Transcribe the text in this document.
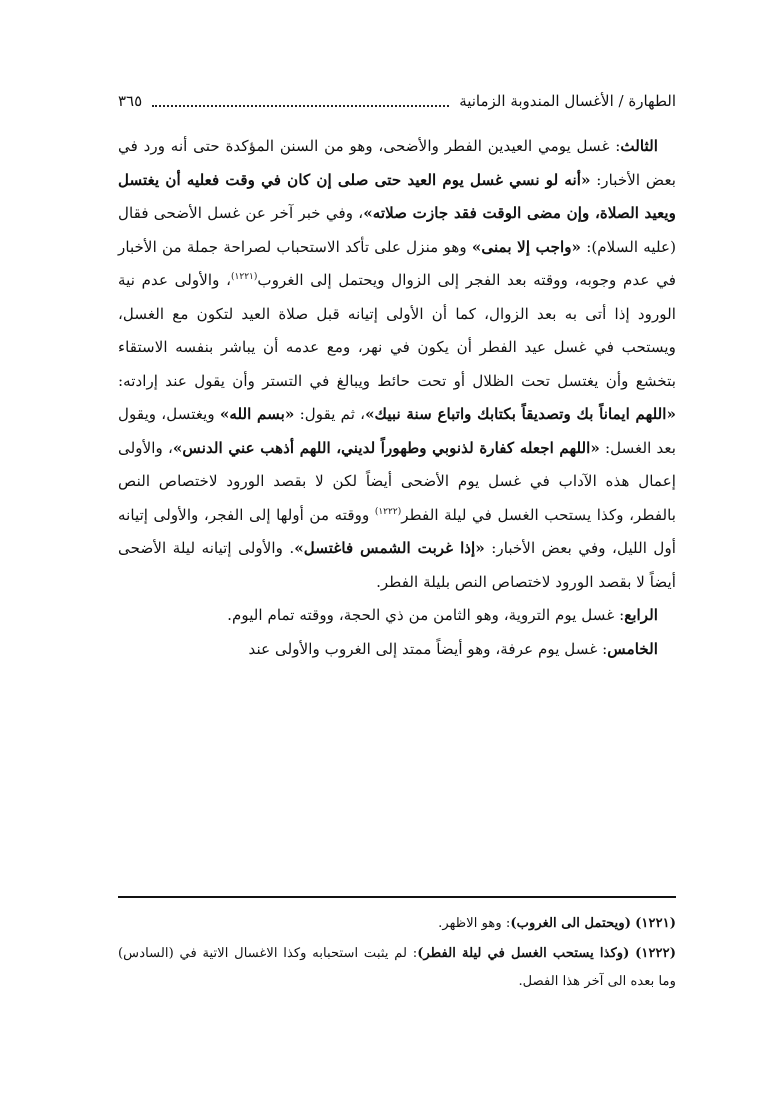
الطهارة / الأغسال المندوبة الزمانية
٣٦٥

الثالث: غسل يومي العيدين الفطر والأضحى، وهو من السنن المؤكدة حتى أنه ورد في بعض الأخبار: «أنه لو نسي غسل يوم العيد حتى صلى إن كان في وقت فعليه أن يغتسل ويعيد الصلاة، وإن مضى الوقت فقد جازت صلاته»، وفي خبر آخر عن غسل الأضحى فقال (عليه السلام): «واجب إلا بمنى» وهو منزل على تأكد الاستحباب لصراحة جملة من الأخبار في عدم وجوبه، ووقته بعد الفجر إلى الزوال ويحتمل إلى الغروب$^{(١٢٢١)}$، والأولى عدم نية الورود إذا أتى به بعد الزوال، كما أن الأولى إتيانه قبل صلاة العيد لتكون مع الغسل، ويستحب في غسل عيد الفطر أن يكون في نهر، ومع عدمه أن يباشر بنفسه الاستقاء بتخشع وأن يغتسل تحت الظلال أو تحت حائط ويبالغ في التستر وأن يقول عند إرادته: «اللهم ايماناً بك وتصديقاً بكتابك واتباع سنة نبيك»، ثم يقول: «بسم الله» ويغتسل، ويقول بعد الغسل: «اللهم اجعله كفارة لذنوبي وطهوراً لديني، اللهم أذهب عني الدنس»، والأولى إعمال هذه الآداب في غسل يوم الأضحى أيضاً لكن لا بقصد الورود لاختصاص النص بالفطر، وكذا يستحب الغسل في ليلة الفطر$^{(١٢٢٢)}$ ووقته من أولها إلى الفجر، والأولى إتيانه أول الليل، وفي بعض الأخبار: «إذا غربت الشمس فاغتسل». والأولى إتيانه ليلة الأضحى أيضاً لا بقصد الورود لاختصاص النص بليلة الفطر.

الرابع: غسل يوم التروية، وهو الثامن من ذي الحجة، ووقته تمام اليوم.

الخامس: غسل يوم عرفة، وهو أيضاً ممتد إلى الغروب والأولى عند

(١٢٢١) (ويحتمل الى الغروب): وهو الاظهر.

(١٢٢٢) (وكذا يستحب الغسل في ليلة الفطر): لم يثبت استحبابه وكذا الاغسال الاتية في (السادس) وما بعده الى آخر هذا الفصل.
